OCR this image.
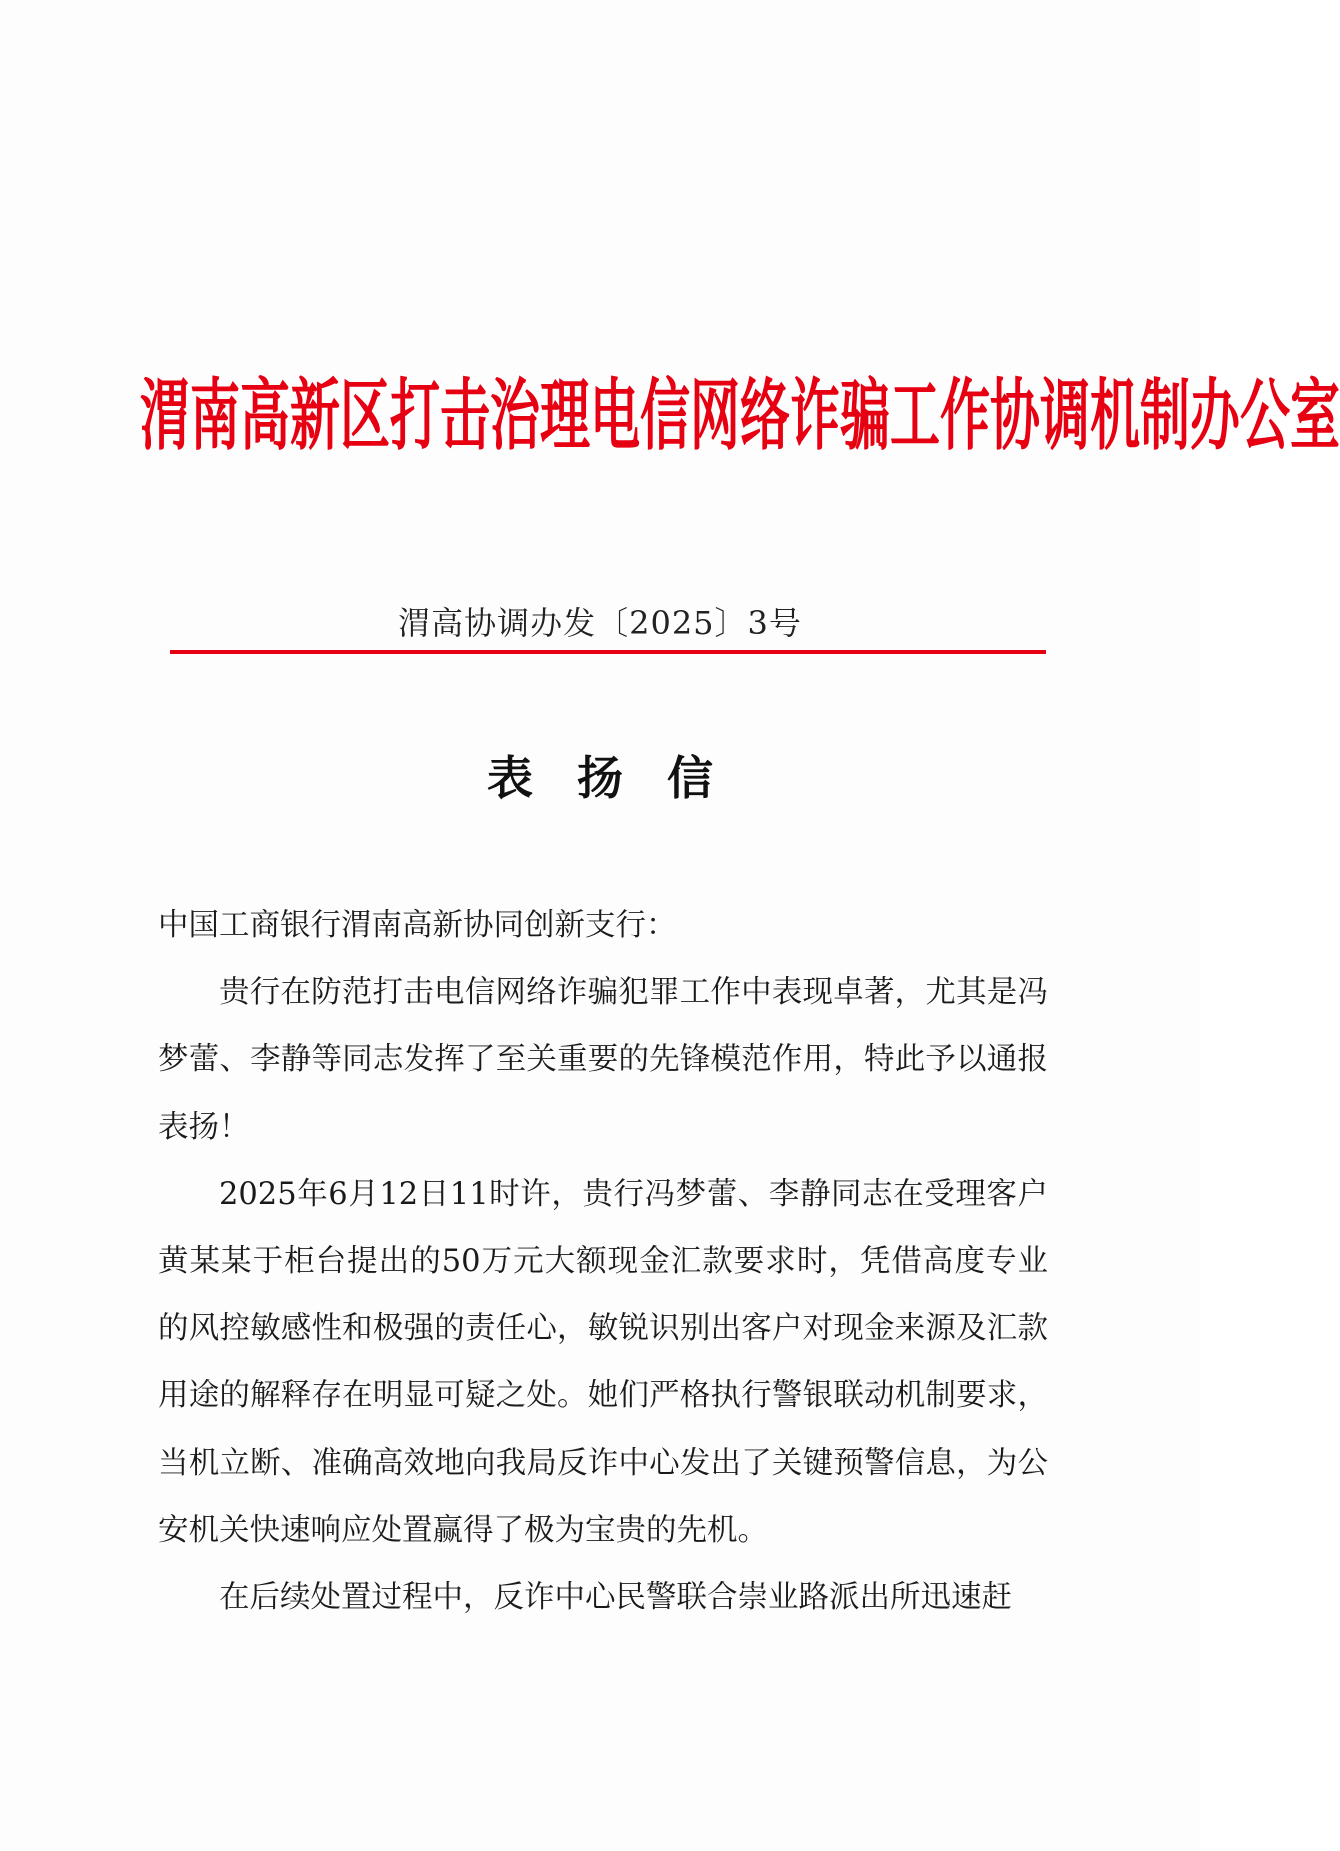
渭南高新区打击治理电信网络诈骗工作协调机制办公室
渭高协调办发〔2025〕3号
表 扬 信

中国工商银行渭南高新协同创新支行：

贵行在防范打击电信网络诈骗犯罪工作中表现卓著，尤其是冯梦蕾、李静等同志发挥了至关重要的先锋模范作用，特此予以通报表扬！

2025年6月12日11时许，贵行冯梦蕾、李静同志在受理客户黄某某于柜台提出的50万元大额现金汇款要求时，凭借高度专业的风控敏感性和极强的责任心，敏锐识别出客户对现金来源及汇款用途的解释存在明显可疑之处。她们严格执行警银联动机制要求，当机立断、准确高效地向我局反诈中心发出了关键预警信息，为公安机关快速响应处置赢得了极为宝贵的先机。

在后续处置过程中，反诈中心民警联合崇业路派出所迅速赶
